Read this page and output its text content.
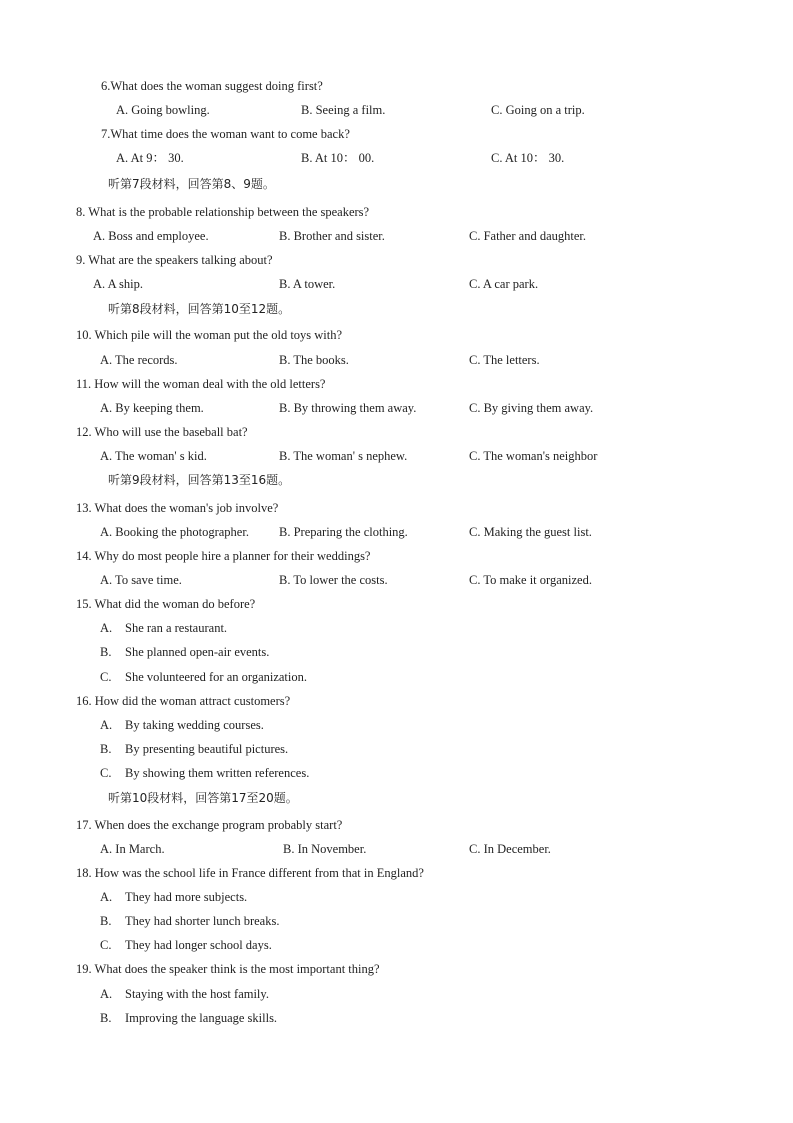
6.What does the woman suggest doing first?
A. Going bowling.	B. Seeing a film.	C. Going on a trip.
7.What time does the woman want to come back?
A. At 9： 30.	B. At 10： 00.	C. At 10： 30.
听第7段材料，回答第8、9题。
8. What is the probable relationship between the speakers?
A. Boss and employee.	B. Brother and sister.	C. Father and daughter.
9. What are the speakers talking about?
A. A ship.	B. A tower.	C. A car park.
听第8段材料，回答第10至12题。
10. Which pile will the woman put the old toys with?
A. The records.	B. The books.	C. The letters.
11. How will the woman deal with the old letters?
A. By keeping them.	B. By throwing them away.	C. By giving them away.
12. Who will use the baseball bat?
A. The woman' s kid.	B. The woman' s nephew.	C. The woman's neighbor
听第9段材料，回答第13至16题。
13. What does the woman's job involve?
A. Booking the photographer. B. Preparing the clothing.	C. Making the guest list.
14. Why do most people hire a planner for their weddings?
A. To save time.	B. To lower the costs.	C. To make it organized.
15. What did the woman do before?
A. She ran a restaurant.
B. She planned open-air events.
C. She volunteered for an organization.
16. How did the woman attract customers?
A. By taking wedding courses.
B. By presenting beautiful pictures.
C. By showing them written references.
听第10段材料，回答第17至20题。
17. When does the exchange program probably start?
A. In March.	B. In November.	C. In December.
18. How was the school life in France different from that in England?
A. They had more subjects.
B. They had shorter lunch breaks.
C. They had longer school days.
19. What does the speaker think is the most important thing?
A. Staying with the host family.
B. Improving the language skills.
